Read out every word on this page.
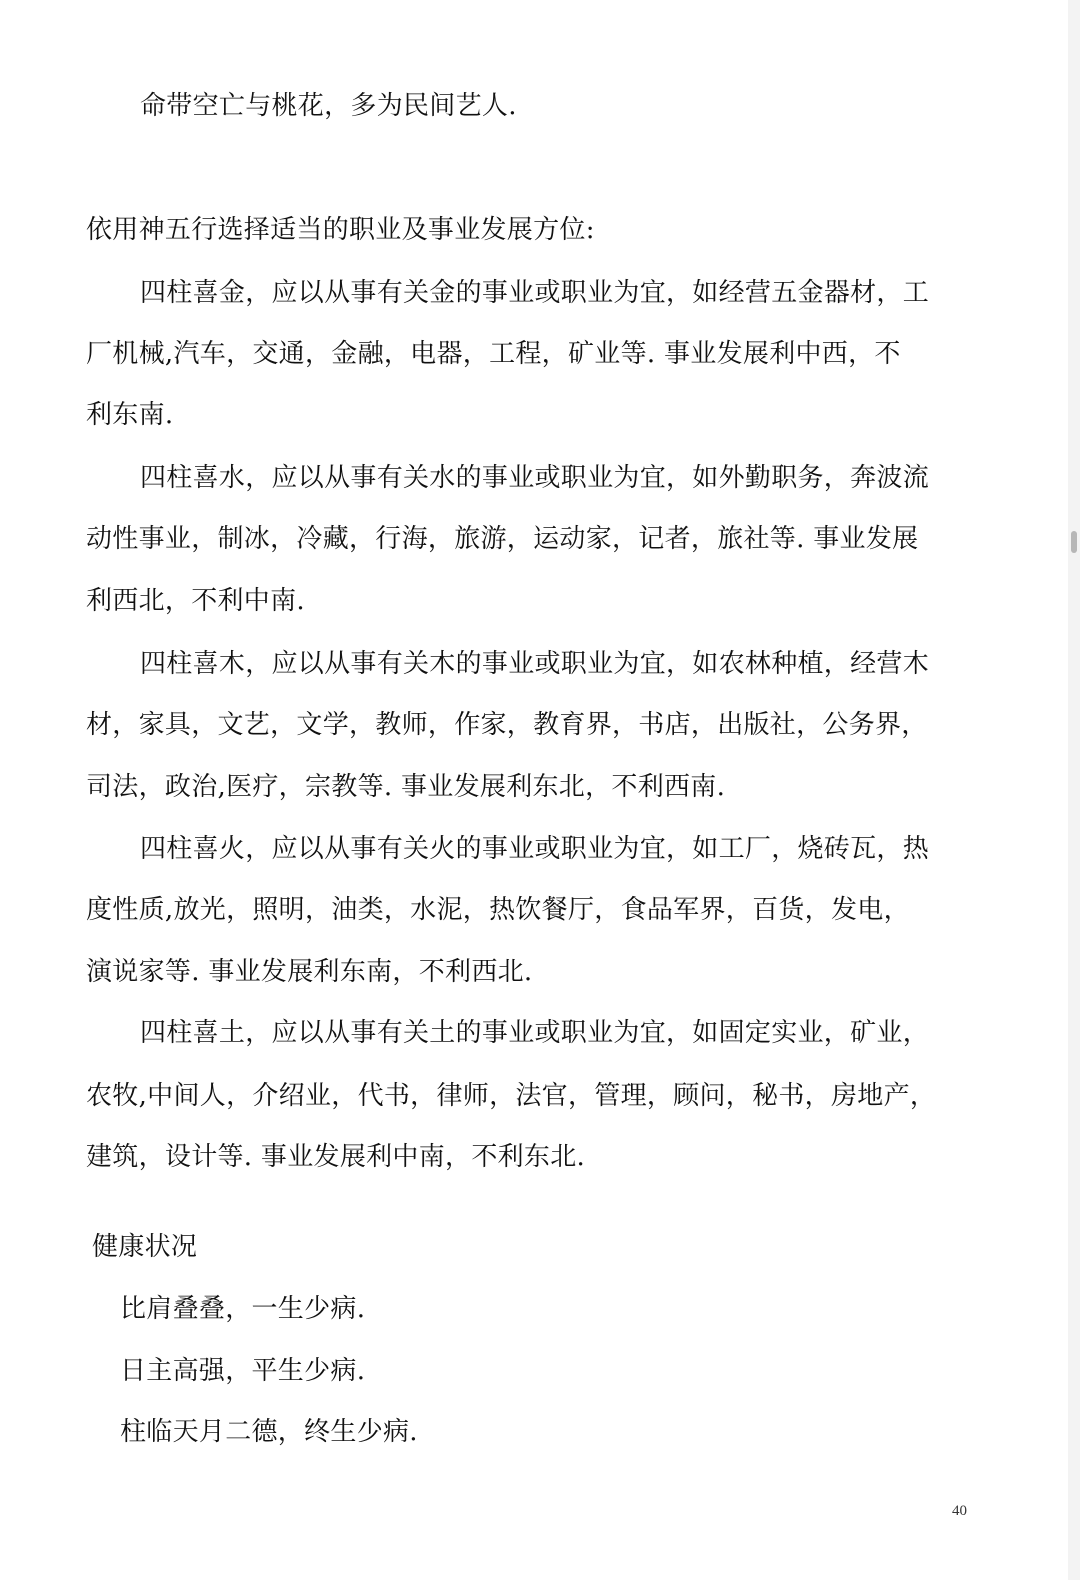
命带空亡与桃花，多为民间艺人.
依用神五行选择适当的职业及事业发展方位:
四柱喜金，应以从事有关金的事业或职业为宜，如经营五金器材，工
厂机械,汽车，交通，金融，电器，工程，矿业等. 事业发展利中西，不
利东南.
四柱喜水，应以从事有关水的事业或职业为宜，如外勤职务，奔波流
动性事业，制冰，冷藏，行海，旅游，运动家，记者，旅社等. 事业发展
利西北，不利中南.
四柱喜木，应以从事有关木的事业或职业为宜，如农林种植，经营木
材，家具，文艺，文学，教师，作家，教育界，书店，出版社，公务界，
司法，政治,医疗，宗教等. 事业发展利东北，不利西南.
四柱喜火，应以从事有关火的事业或职业为宜，如工厂，烧砖瓦，热
度性质,放光，照明，油类，水泥，热饮餐厅，食品军界，百货，发电，
演说家等. 事业发展利东南，不利西北.
四柱喜土，应以从事有关土的事业或职业为宜，如固定实业，矿业，
农牧,中间人，介绍业，代书，律师，法官，管理，顾问，秘书，房地产，
建筑，设计等. 事业发展利中南，不利东北.
健康状况
比肩叠叠，一生少病.
日主高强，平生少病.
柱临天月二德，终生少病.
40
